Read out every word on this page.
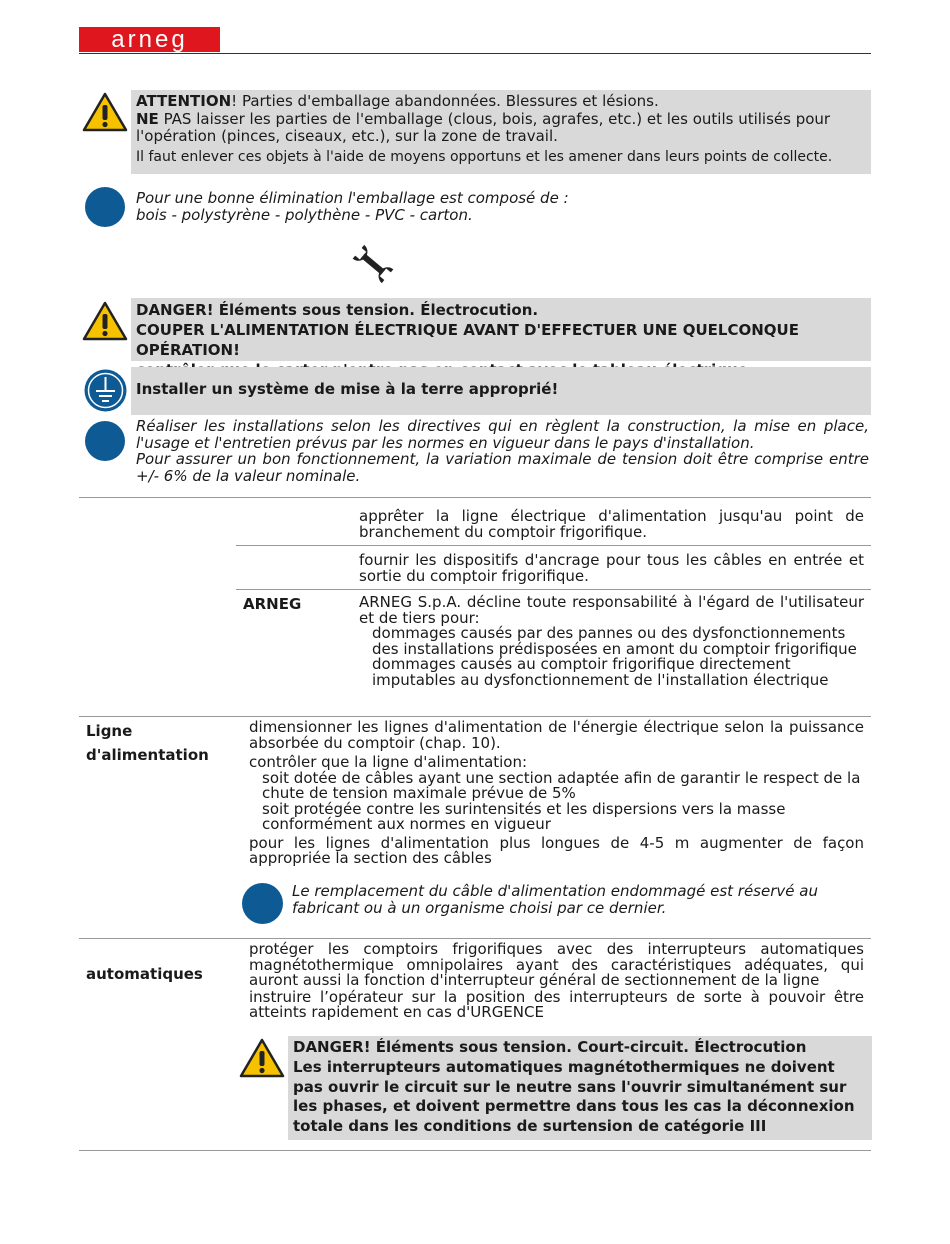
arneg

ATTENTION! Parties d'emballage abandonnées. Blessures et lésions.

NE PAS laisser les parties de l'emballage (clous, bois, agrafes, etc.) et les outils utilisés pour l'opération (pinces, ciseaux, etc.), sur la zone de travail.

Il faut enlever ces objets à l'aide de moyens opportuns et les amener dans leurs points de collecte.

Pour une bonne élimination l'emballage est composé de :

bois - polystyrène - polythène - PVC - carton.

DANGER! Éléments sous tension. Électrocution.

COUPER L'ALIMENTATION ÉLECTRIQUE AVANT D'EFFECTUER UNE QUELCONQUE OPÉRATION!

Installer un système de mise à la terre approprié!

Réaliser les installations selon les directives qui en règlent la construction, la mise en place, l'usage et l'entretien prévus par les normes en vigueur dans le pays d'installation.

Pour assurer un bon fonctionnement, la variation maximale de tension doit être comprise entre +/- 6% de la valeur nominale.

apprêter la ligne électrique d'alimentation jusqu'au point de branchement du comptoir frigorifique.
fournir les dispositifs d'ancrage pour tous les câbles en entrée et sortie du comptoir frigorifique.
ARNEG	ARNEG S.p.A. décline toute responsabilité à l'égard de l'utilisateur et de tiers pour:

dommages causés par des pannes ou des dysfonctionnements des installations prédisposées en amont du comptoir frigorifique

dommages causés au comptoir frigorifique directement imputables au dysfonctionnement de l'installation électrique

Ligne

d'alimentation

dimensionner les lignes d'alimentation de l'énergie électrique selon la puissance absorbée du comptoir (chap. 10).

contrôler que la ligne d'alimentation:

soit dotée de câbles ayant une section adaptée afin de garantir le respect de la chute de tension maximale prévue de 5%

soit protégée contre les surintensités et les dispersions vers la masse conformément aux normes en vigueur

pour les lignes d'alimentation plus longues de 4-5 m augmenter de façon appropriée la section des câbles

Le remplacement du câble d'alimentation endommagé est réservé au fabricant ou à un organisme choisi par ce dernier.
automatiques

protéger les comptoirs frigorifiques avec des interrupteurs automatiques magnétothermique omnipolaires ayant des caractéristiques adéquates, qui auront aussi la fonction d'interrupteur général de sectionnement de la ligne

instruire l’opérateur sur la position des interrupteurs de sorte à pouvoir être atteints rapidement en cas d'URGENCE

DANGER! Éléments sous tension. Court-circuit. Électrocution

Les interrupteurs automatiques magnétothermiques ne doivent pas ouvrir le circuit sur le neutre sans l'ouvrir simultanément sur les phases, et doivent permettre dans tous les cas la déconnexion totale dans les conditions de surtension de catégorie III
